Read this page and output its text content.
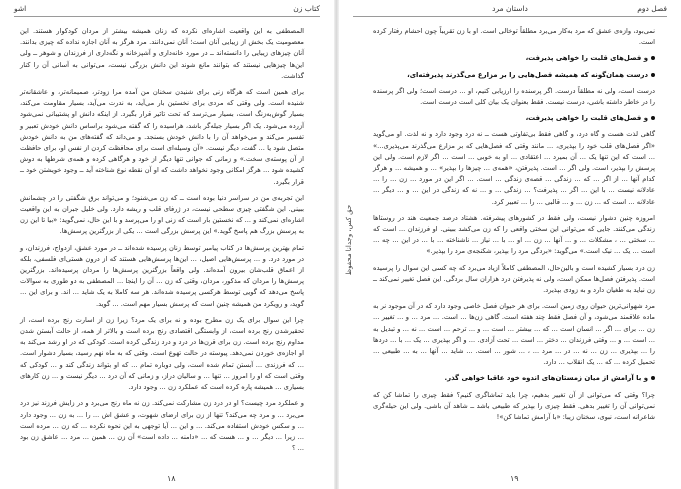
کتاب زن
اشو

المصطفی به این واقعیت اشاره‌ای نکرده که زنان همیشه بیشتر از مردان کودکوار هستند. این معصومیت یک بخش از زیبایی آنان است؛ آنان نمی‌دانند. مرد هرگز به آنان اجازه نداده که چیزی بدانند. آنان چیزهای زیبایی را دانسته‌اند ــ در مورد خانه‌داری و آشپزخانه و نگه‌داری از فرزندان و شوهر ــ ولی این‌ها چیزهایی نیستند که بتوانند مانع شوند این دانش بزرگی نیست، می‌توانی به آسانی آن را کنار گذاشت.

برای همین است که هرگاه زنی برای شنیدن سخنان من آمده مرا زودتر، صمیمانه‌تر، و عاشقانه‌تر شنیده است. ولی وقتی که مردی برای نخستین بار می‌آید، به ندرت می‌آید، بسیار مقاومت می‌کند، بسیار گوش‌به‌زنگ است، بسیار می‌ترسد که تحت تاثیر قرار بگیرد. از اینکه دانش او پشتیبانی نمی‌شود آزرده می‌شود. یک اگر بسیار جیله‌گر باشد، هراسیده را که گفته می‌شود براساس دانش خودش تعبیر و تفسیر می‌کند و می‌خواهد آن را با دانش خودش بسنجد. و می‌داند که گفته‌های من به دانش خودش متصل شود یا ... گفت، دیگر نیست. «آن وسیله‌ای است برای محافظت کردن از نفس او، برای حافظت از آن پوسته‌ی سخت.» و زمانی که جوانی تنها دیگر از خود و هرگاهی کرده و همه‌ی شرطها به دوش کشیده شود ... هرگز امکانی وجود نخواهد داشت که او آن نقطه نوع شناخته آید ــ وجود خویشتن خود ــ قرار بگیرد.

این تجربه‌ی من در سراسر دنیا بوده است ــ که زن می‌شنود؛ و می‌تواند برق شگفتی را در چشمانش ببینی. این شگفتی چیزی سطحی نیست، در ژرفای قلب و ریشه دارد. ولی خلیل جبران به این واقعیت اشاره‌ای نمی‌کند و ... که نخستین بار است که زنی او را می‌پرسد و با این حال، نمی‌گوید: «بیا تا این زن به پرسش بزرگ هم پاسخ گوید.» این پرسش بزرگی است ... یکی از بزرگترین پرسش‌ها.

تمام بهترین پرسش‌ها در کتاب پیامبر توسط زنان پرسیده شده‌اند ــ در مورد عشق، ازدواج، فرزندان، و در مورد درد. و ... پرسش‌هایی اصیل، ... این‌ها پرسش‌هایی هستند که از درون هستی‌ای فلسفی، بلکه از اعماق قلب‌شان بیرون آمده‌اند. ولی واقعاً بزرگترین پرسش‌ها را مردان پرسیده‌اند. بزرگترین پرسش‌ها را مردان که مذکور، مردان، وقتی که زن ... آن را اینجا ... المصطفی به دو طوری به سوالات پاسخ می‌دهد که گویی توسط هرکسی پرسیده شده‌اند. هر سه کاملا به یک شاید ... اند. و برای این ... گوید، و رویکرد من همیشه چنین است که پرسش بسیار مهم است. ... گوید.

چرا این سوال برای یک زن مطرح بوده و نه برای یک مرد؟ زیرا زن از اسارت رنج برده است، از تحقیرشدن رنج برده است، از وابستگی اقتصادی رنج برده است و بالاتر از همه، از حالت آبستن شدن مداوم رنج برده است. زن برای قرن‌ها در درد و درد زندگی کرده است. کودکی که در او رشد می‌کند به او اجازه‌ی خوردن نمی‌دهد. پیوسته در حالت تهوع است. وقتی که به ماه نهم رسید، بسیار دشوار است. ... که فرزندی ... آبستن تمام شده است، ولی دوباره تمام ... که او بتواند زندگی کند و ... کودکی که وقتی است که او را امروز ... تنها ... و سالیان دراز، و زمانی که آن درد ... دیگر نیست و ... زن کارهای بسیاری ... همیشه پاره کرده است که عملکرد زن ... وجود دارد.

و عملکرد مرد چیست؟ او در درد زن مشارکت نمی‌کند. زن نه ماه رنج می‌برد و در زایش فرزند نیز درد می‌برد ... و مرد چه می‌کند؟ تنها از زن برای ارضای شهوت، و عشق اش ... را ... به زن ... وجود دارد ... و سکس خودش استفاده می‌کند. ... و این ... آیا توجهی به این نحوه نکرده ... که زن ... مرده است ... زیرا ... دیگر ... و ... هست که ... «دامنه ... داده است» آن زن ... همین ... مرد ... عاشق زن بود ... ؟

۱۸
فصل دوم
داستان مرد
حق کس، وجدانا محفوظ

نمی‌بود، وازه‌ی عشق که مرد به‌کار می‌برد مطلقاً توخالی است. او با زن تقریباً چون احشام رفتار کرده است.

و فصل‌های قلبت را خواهی پذیرفت،

درست همان‌گونه که همیشه فصل‌هایی را بر مزارع می‌گذرند پذیرفته‌ای،

درست است، ولی نه مطلقاً درست. اگر پرسنده را ارزیابی کنیم، او ... درست است؛ ولی اگر پرسنده را در خاطر داشته باشی، درست نیست. فقط بعنوان یک بیان کلی است درست است.

و فصل‌های قلبت را خواهی پذیرفت،

گاهی لذت هست و گاه درد، و گاهی فقط بی‌تفاوتی هست ــ نه درد وجود دارد و نه لذت. او می‌گوید «اگر فصل‌های قلب خود را بپذیری، ... مانند وقتی که فصل‌هایی که بر مزارع می‌گذرند می‌پذیری...» ... است که این تنها یک ... آن بمیرد ... اعتقادی ... او به خوبی ... است ... اگر لازم است. ولی این پرسش را بپذیر، است. ولی اگر ... است. پذیرفتن، «همه‌ی ... چیزها را بپذیر» ... و همیشه ... و هرگز کدام آنها ... از اگر ... که ... زندگی ... قصه‌ی زندگی ... است. ... اگر این در مورد ... زن ... را ... عادلانه نیست ... با این ... اگر ... پذیرفت؟ ... زندگی ... و ... نه که زندگی در این ... و ... دیگر ... عادلانه ... است که ... زن ... و ... قالبی ... را ... تعبیر کرد.

امروزه چنین دشوار نیست، ولی فقط در کشورهای پیشرفته. هشتاد درصد جمعیت هند در روستاها زندگی می‌کنند. جایی که می‌توانی این سختی واقعی را که زن می‌کشد ببینی. او فرزندان ... است که ... سختی ... ، مشکلات ... و ... آنها ... زن ... او ... با ... نیاز ... ناشناخته ... با ... در این ... چه ... است ... یک ... نیک است.» می‌گوید: «بردگی مرد را بپذیر، شکنجه‌ی مرد را بپذیر.»

زن درد بسیار کشیده است و بالین‌حال، المصطفی کاملاً ازیاد می‌برد که چه کسی این سوال را پرسیده است. پذیرفتن فصل‌ها ممکن است، ولی نه پذیرفتن درد هزاران سال بردگی. این فصل تغییر نمی‌کند ــ زن نباید به طغیان دارد و به زودی بپذیرد.

مرد شهوانی‌ترین حیوان روی زمین است. برای هر حیوان فصل خاصی وجود دارد که در آن موجود نر به ماده علاقمند می‌شود، و آن فصل فقط چند هفته است. گاهی زن‌ها ... است. ... مرد ... و ... تغییر ... زن ... برای ... اگر ... انسان است ... که ... بیشتر ... است ... و ... ترحم ... است ... نه ... و تبدیل به ... است ... و ... وقتی فرزندان ... دختر ... است ... تحت آزادی. ... و اگر بپذیری ... یک ... با ... دردها را ... بپذیری ... زن ... نه ... در ... مرد ... ، ... شور ... است. ... شاید ... آنها ... به ... طبیعی ... تحمیل کرده ... که ... یک انقلاب ... دارد.

و با آرامش از میان زمستان‌های اندوه خود عاقبا خواهی گذر.

چرا؟ وقتی که می‌توانی از آن تغییر بدهیم، چرا باید تماشاگری کنیم؟ فقط چیزی را تماشا کن که نمی‌توانی آن را تغییر بدهی. فقط چیزی را بپذیر که طبیعی باشد ــ شاهد آن باشی. ولی این حیله‌گری شاعرانه است، نبوی، سخنان زیبا: «با آرامش تماشا کن»!

۱۹
